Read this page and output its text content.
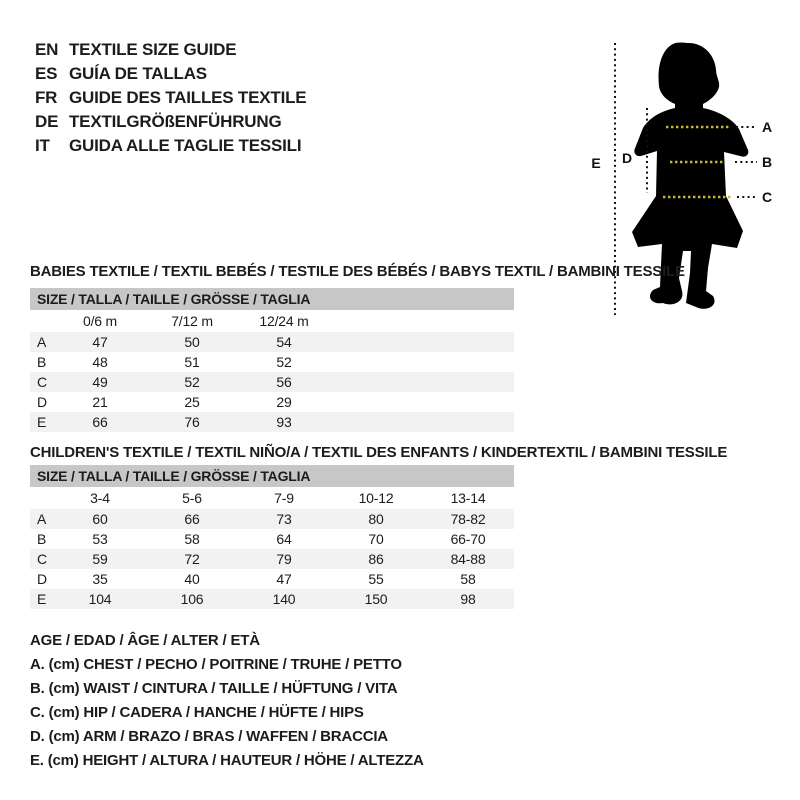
EN TEXTILE SIZE GUIDE
ES GUÍA DE TALLAS
FR GUIDE DES TAILLES TEXTILE
DE TEXTILGRÖßENFÜHRUNG
IT	GUIDA ALLE TAGLIE TESSILI
A
B
C
D
E
BABIES TEXTILE / TEXTIL BEBÉS / TESTILE DES BÉBÉS / BABYS TEXTIL / BAMBINI TESSILE
SIZE / TALLA / TAILLE / GRÖSSE / TAGLIA
	0/6 m	7/12 m	12/24 m		
A	47	50	54		
B	48	51	52		
C	49	52	56		
D	21	25	29		
E	66	76	93		
CHILDREN'S TEXTILE / TEXTIL NIÑO/A / TEXTIL DES ENFANTS / KINDERTEXTIL / BAMBINI TESSILE
SIZE / TALLA / TAILLE / GRÖSSE / TAGLIA
	3-4	5-6	7-9	10-12	13-14
A	60	66	73	80	78-82
B	53	58	64	70	66-70
C	59	72	79	86	84-88
D	35	40	47	55	58
E	104	106	140	150	98
AGE / EDAD / ÂGE / ALTER / ETÀ
A. (cm) CHEST / PECHO / POITRINE / TRUHE / PETTO
B. (cm) WAIST / CINTURA / TAILLE / HÜFTUNG / VITA
C. (cm) HIP / CADERA / HANCHE / HÜFTE / HIPS
D. (cm) ARM / BRAZO / BRAS / WAFFEN / BRACCIA
E. (cm) HEIGHT / ALTURA / HAUTEUR / HÖHE / ALTEZZA
